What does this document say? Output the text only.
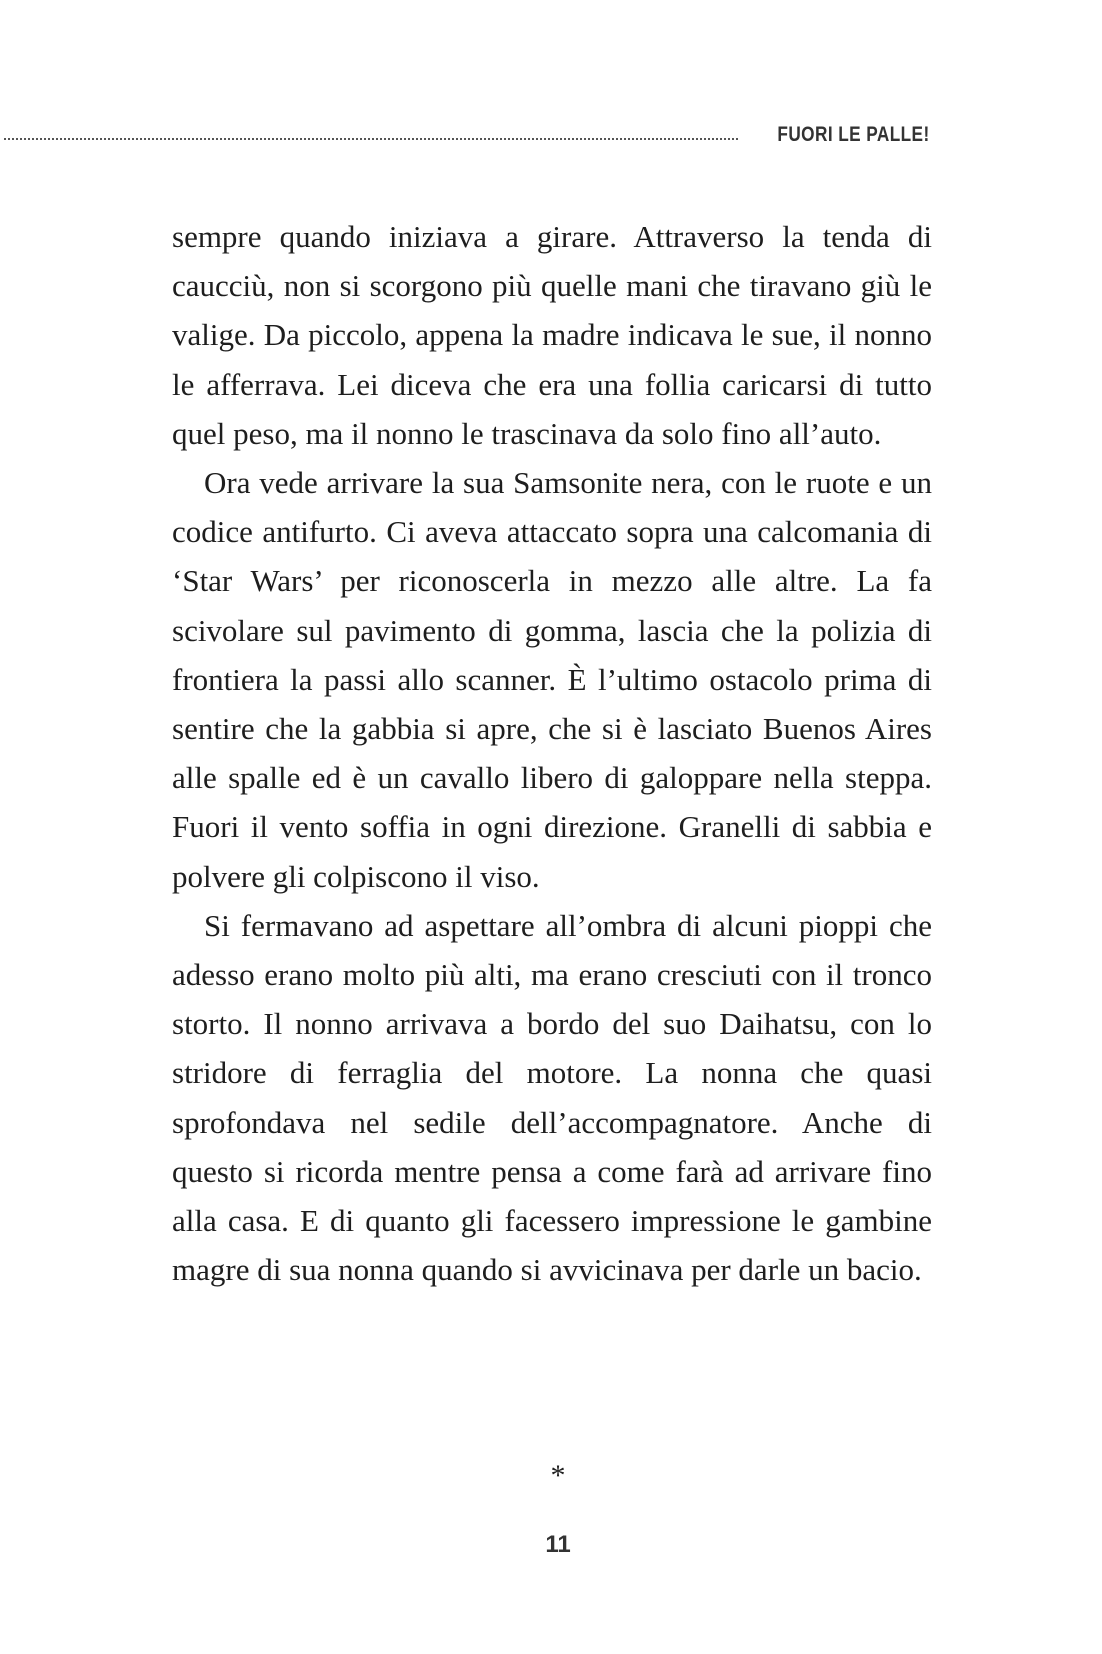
FUORI LE PALLE!

sempre quando iniziava a girare. Attraverso la tenda di caucciù, non si scorgono più quelle mani che tiravano giù le valige. Da piccolo, appena la madre indicava le sue, il nonno le afferrava. Lei diceva che era una follia caricarsi di tutto quel peso, ma il nonno le trascinava da solo fino all’auto.

Ora vede arrivare la sua Samsonite nera, con le ruote e un codice antifurto. Ci aveva attaccato sopra una calcomania di ‘Star Wars’ per riconoscerla in mezzo alle altre. La fa scivolare sul pavimento di gomma, lascia che la polizia di frontiera la passi allo scanner. È l’ultimo ostacolo prima di sentire che la gabbia si apre, che si è lasciato Buenos Aires alle spalle ed è un cavallo libero di galoppare nella steppa. Fuori il vento soffia in ogni direzione. Granelli di sabbia e polvere gli colpiscono il viso.

Si fermavano ad aspettare all’ombra di alcuni pioppi che adesso erano molto più alti, ma erano cresciuti con il tronco storto. Il nonno arrivava a bordo del suo Daihatsu, con lo stridore di ferraglia del motore. La nonna che quasi sprofondava nel sedile dell’accompagnatore. Anche di questo si ricorda mentre pensa a come farà ad arrivare fino alla casa. E di quanto gli facessero impressione le gambine magre di sua nonna quando si avvicinava per darle un bacio.

*
11
